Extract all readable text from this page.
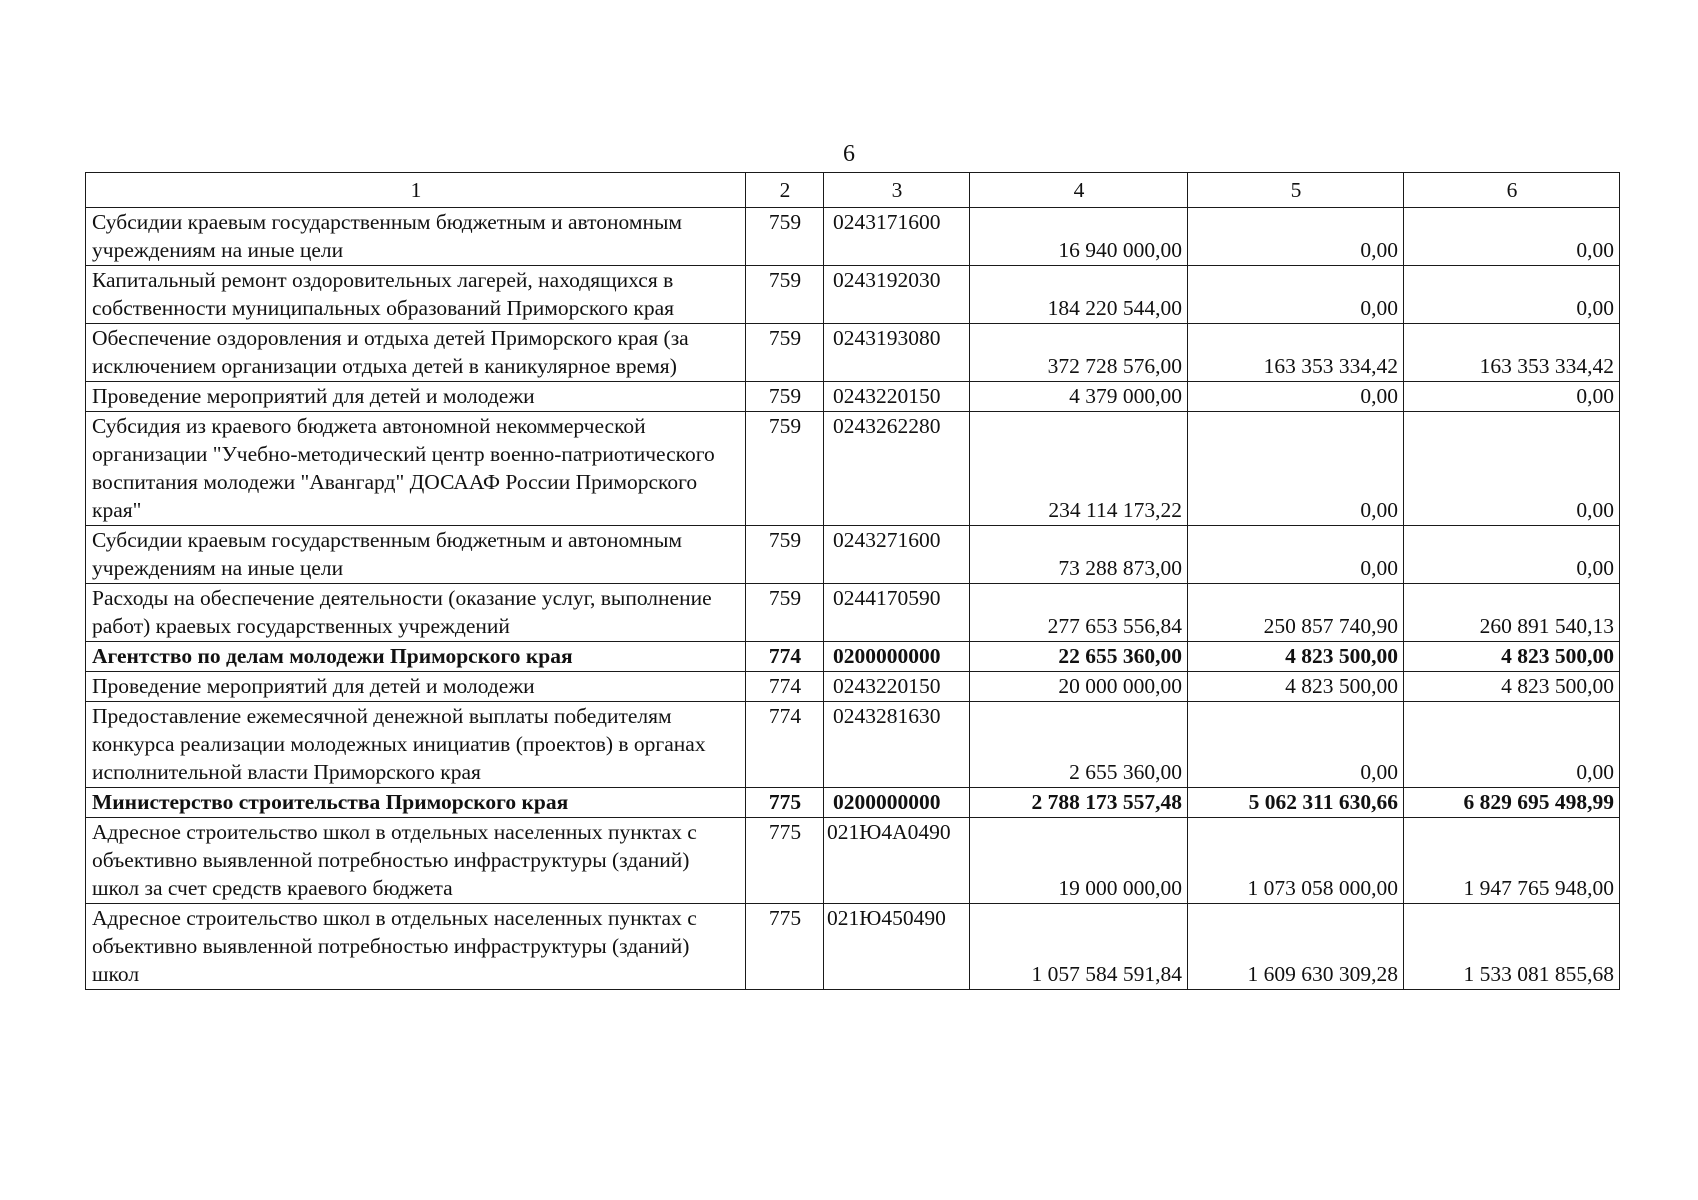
6
1	2	3	4	5	6
Субсидии краевым государственным бюджетным и автономным учреждениям на иные цели	759	0243171600	16 940 000,00	0,00	0,00
Капитальный ремонт оздоровительных лагерей, находящихся в собственности муниципальных образований Приморского края	759	0243192030	184 220 544,00	0,00	0,00
Обеспечение оздоровления и отдыха детей Приморского края (за исключением организации отдыха детей в каникулярное время)	759	0243193080	372 728 576,00	163 353 334,42	163 353 334,42
Проведение мероприятий для детей и молодежи	759	0243220150	4 379 000,00	0,00	0,00
Субсидия из краевого бюджета автономной некоммерческой организации "Учебно-методический центр военно-патриотического воспитания молодежи "Авангард" ДОСААФ России Приморского края"	759	0243262280	234 114 173,22	0,00	0,00
Субсидии краевым государственным бюджетным и автономным учреждениям на иные цели	759	0243271600	73 288 873,00	0,00	0,00
Расходы на обеспечение деятельности (оказание услуг, выполнение работ) краевых государственных учреждений	759	0244170590	277 653 556,84	250 857 740,90	260 891 540,13
Агентство по делам молодежи Приморского края	774	0200000000	22 655 360,00	4 823 500,00	4 823 500,00
Проведение мероприятий для детей и молодежи	774	0243220150	20 000 000,00	4 823 500,00	4 823 500,00
Предоставление ежемесячной денежной выплаты победителям конкурса реализации молодежных инициатив (проектов) в органах исполнительной власти Приморского края	774	0243281630	2 655 360,00	0,00	0,00
Министерство строительства Приморского края	775	0200000000	2 788 173 557,48	5 062 311 630,66	6 829 695 498,99
Адресное строительство школ в отдельных населенных пунктах с объективно выявленной потребностью инфраструктуры (зданий) школ за счет средств краевого бюджета	775	021Ю4А0490	19 000 000,00	1 073 058 000,00	1 947 765 948,00
Адресное строительство школ в отдельных населенных пунктах с объективно выявленной потребностью инфраструктуры (зданий) школ	775	021Ю450490	1 057 584 591,84	1 609 630 309,28	1 533 081 855,68
